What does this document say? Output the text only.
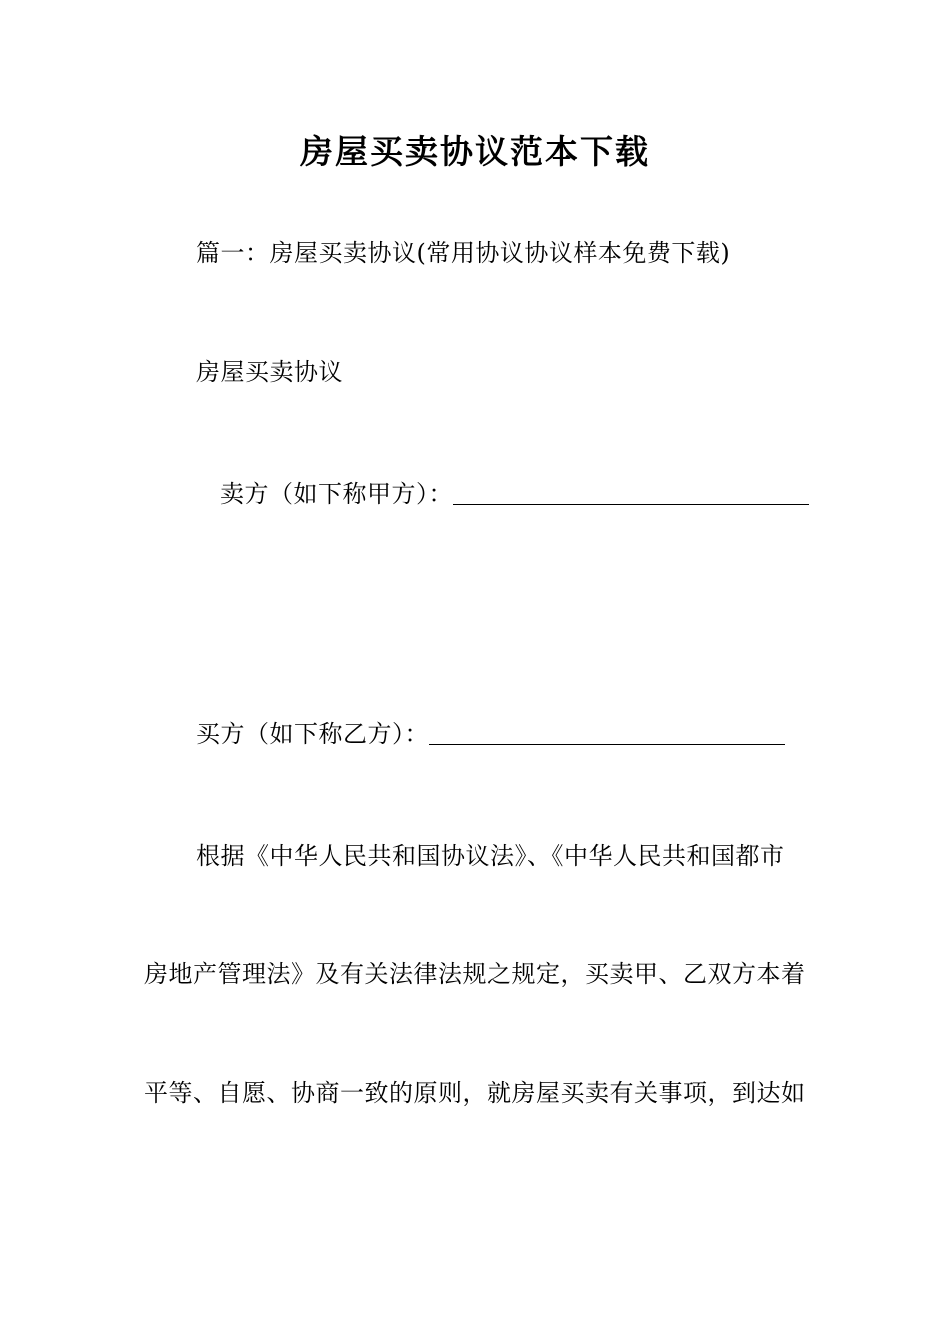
房屋买卖协议范本下载
篇一：房屋买卖协议(常用协议协议样本免费下载)
房屋买卖协议
卖方（如下称甲方）：
买方（如下称乙方）：
根据《中华人民共和国协议法》、《中华人民共和国都市
房地产管理法》及有关法律法规之规定，买卖甲、乙双方本着
平等、自愿、协商一致的原则，就房屋买卖有关事项，到达如
